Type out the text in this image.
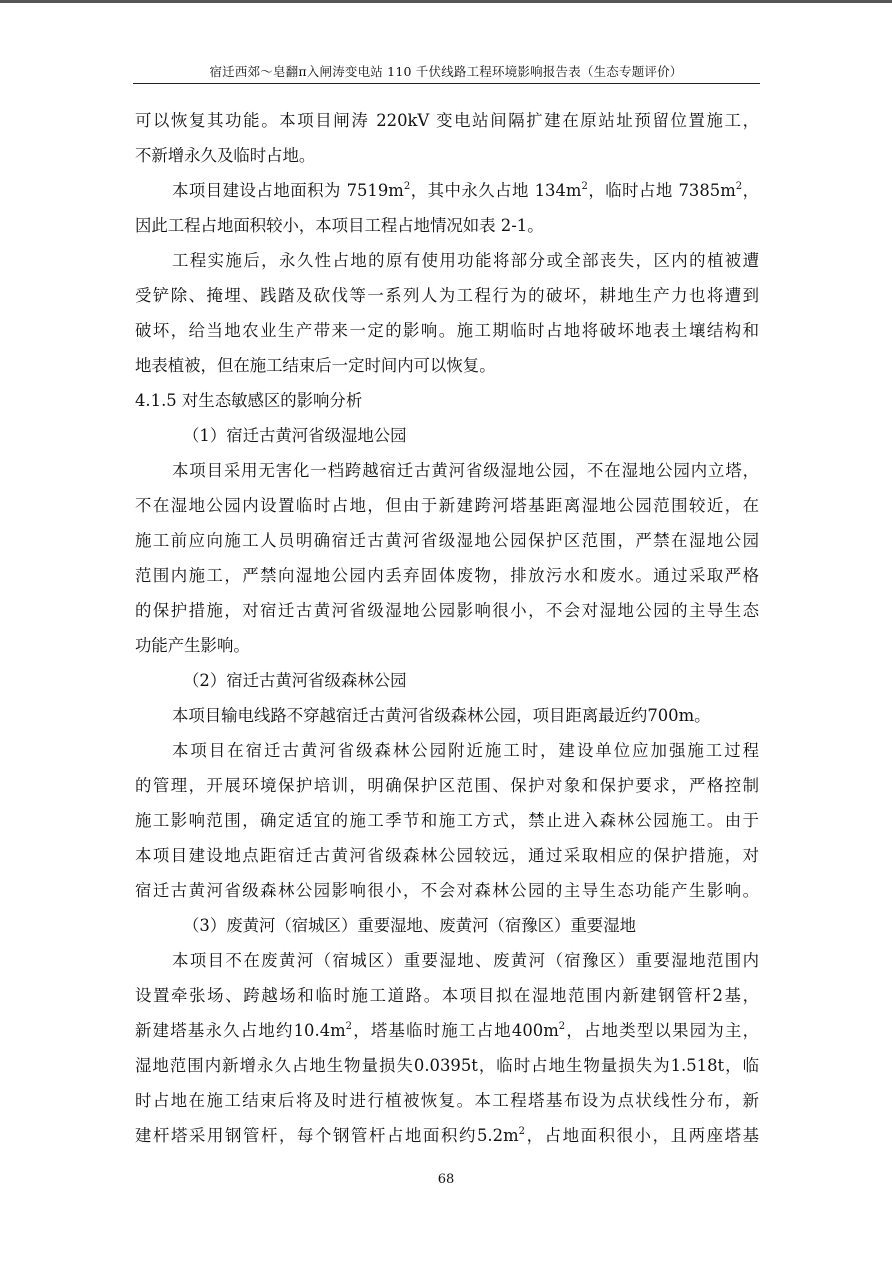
宿迁西郊～皂翻π入闸涛变电站 110 千伏线路工程环境影响报告表（生态专题评价）
可以恢复其功能。本项目闸涛 220kV 变电站间隔扩建在原站址预留位置施工，
不新增永久及临时占地。
本项目建设占地面积为 $7519m^2$，其中永久占地 $134m^2$，临时占地 $7385m^2$，
因此工程占地面积较小，本项目工程占地情况如表 2-1。
工程实施后，永久性占地的原有使用功能将部分或全部丧失，区内的植被遭
受铲除、掩埋、践踏及砍伐等一系列人为工程行为的破坏，耕地生产力也将遭到
破坏，给当地农业生产带来一定的影响。施工期临时占地将破坏地表土壤结构和
地表植被，但在施工结束后一定时间内可以恢复。
4.1.5 对生态敏感区的影响分析
（1）宿迁古黄河省级湿地公园
本项目采用无害化一档跨越宿迁古黄河省级湿地公园，不在湿地公园内立塔，
不在湿地公园内设置临时占地，但由于新建跨河塔基距离湿地公园范围较近，在
施工前应向施工人员明确宿迁古黄河省级湿地公园保护区范围，严禁在湿地公园
范围内施工，严禁向湿地公园内丢弃固体废物，排放污水和废水。通过采取严格
的保护措施，对宿迁古黄河省级湿地公园影响很小，不会对湿地公园的主导生态
功能产生影响。
（2）宿迁古黄河省级森林公园
本项目输电线路不穿越宿迁古黄河省级森林公园，项目距离最近约700m。
本项目在宿迁古黄河省级森林公园附近施工时，建设单位应加强施工过程
的管理，开展环境保护培训，明确保护区范围、保护对象和保护要求，严格控制
施工影响范围，确定适宜的施工季节和施工方式，禁止进入森林公园施工。由于
本项目建设地点距宿迁古黄河省级森林公园较远，通过采取相应的保护措施，对
宿迁古黄河省级森林公园影响很小，不会对森林公园的主导生态功能产生影响。
（3）废黄河（宿城区）重要湿地、废黄河（宿豫区）重要湿地
本项目不在废黄河（宿城区）重要湿地、废黄河（宿豫区）重要湿地范围内
设置牵张场、跨越场和临时施工道路。本项目拟在湿地范围内新建钢管杆2基，
新建塔基永久占地约$10.4m^2$，塔基临时施工占地$400m^2$，占地类型以果园为主，
湿地范围内新增永久占地生物量损失0.0395t，临时占地生物量损失为1.518t，临
时占地在施工结束后将及时进行植被恢复。本工程塔基布设为点状线性分布，新
建杆塔采用钢管杆，每个钢管杆占地面积约$5.2m^2$，占地面积很小，且两座塔基
68
